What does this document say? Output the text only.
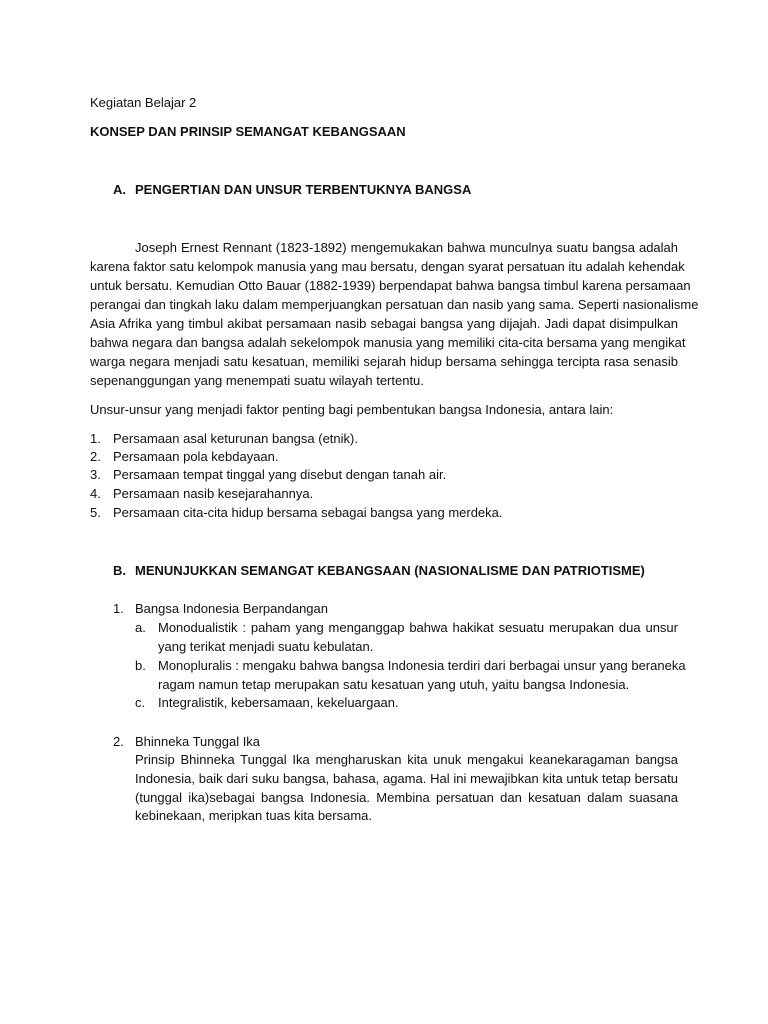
Kegiatan Belajar 2
KONSEP DAN PRINSIP SEMANGAT KEBANGSAAN
A. PENGERTIAN DAN UNSUR TERBENTUKNYA BANGSA
Joseph Ernest Rennant (1823-1892) mengemukakan bahwa munculnya suatu bangsa adalah
karena faktor satu kelompok manusia yang mau bersatu, dengan syarat persatuan itu adalah kehendak
untuk bersatu. Kemudian Otto Bauar (1882-1939) berpendapat bahwa bangsa timbul karena persamaan
perangai dan tingkah laku dalam memperjuangkan persatuan dan nasib yang sama. Seperti nasionalisme
Asia Afrika yang timbul akibat persamaan nasib sebagai bangsa yang dijajah. Jadi dapat disimpulkan
bahwa negara dan bangsa adalah sekelompok manusia yang memiliki cita-cita bersama yang mengikat
warga negara menjadi satu kesatuan, memiliki sejarah hidup bersama sehingga tercipta rasa senasib
sepenanggungan yang menempati suatu wilayah tertentu.
Unsur-unsur yang menjadi faktor penting bagi pembentukan bangsa Indonesia, antara lain:
1. Persamaan asal keturunan bangsa (etnik).
2. Persamaan pola kebdayaan.
3. Persamaan tempat tinggal yang disebut dengan tanah air.
4. Persamaan nasib kesejarahannya.
5. Persamaan cita-cita hidup bersama sebagai bangsa yang merdeka.
B. MENUNJUKKAN SEMANGAT KEBANGSAAN (NASIONALISME DAN PATRIOTISME)
1. Bangsa Indonesia Berpandangan
a. Monodualistik : paham yang menganggap bahwa hakikat sesuatu merupakan dua unsur
yang terikat menjadi suatu kebulatan.
b. Monopluralis : mengaku bahwa bangsa Indonesia terdiri dari berbagai unsur yang beraneka
ragam namun tetap merupakan satu kesatuan yang utuh, yaitu bangsa Indonesia.
c. Integralistik, kebersamaan, kekeluargaan.
2. Bhinneka Tunggal Ika
Prinsip Bhinneka Tunggal Ika mengharuskan kita unuk mengakui keanekaragaman bangsa
Indonesia, baik dari suku bangsa, bahasa, agama. Hal ini mewajibkan kita untuk tetap bersatu
(tunggal ika)sebagai bangsa Indonesia. Membina persatuan dan kesatuan dalam suasana
kebinekaan, meripkan tuas kita bersama.
